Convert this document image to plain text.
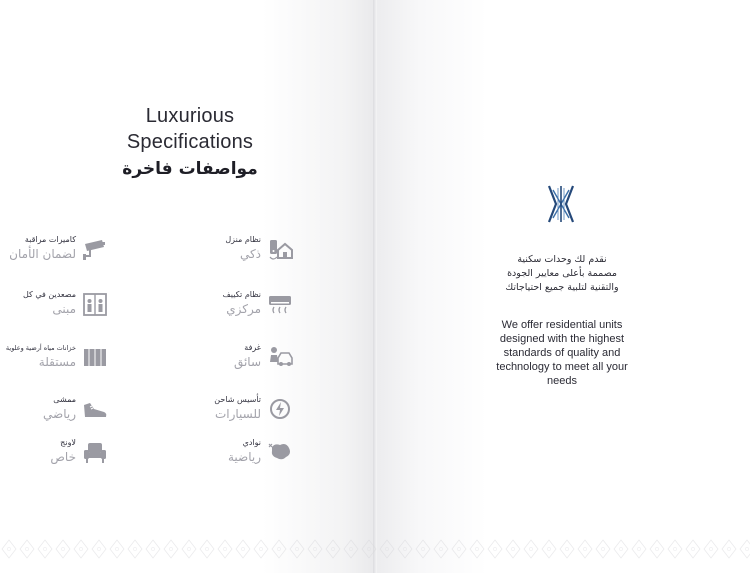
Luxurious
Specifications
مواصفات فاخرة
نظام منزل
ذكي
كاميرات مراقبة
لضمان الأمان
نظام تكييف
مركزي
مصعدين في كل
مبنى
غرفة
سائق
خزانات مياه أرضية وعلوية
مستقلة
تأسيس شاحن
للسيارات
ممشى
رياضي
نوادي
رياضية
لاونج
خاص
نقدم لك وحدات سكنية
مصممة بأعلى معايير الجودة
والتقنية لتلبية جميع احتياجاتك
We offer residential units
designed with the highest
standards of quality and
technology to meet all your
needs
